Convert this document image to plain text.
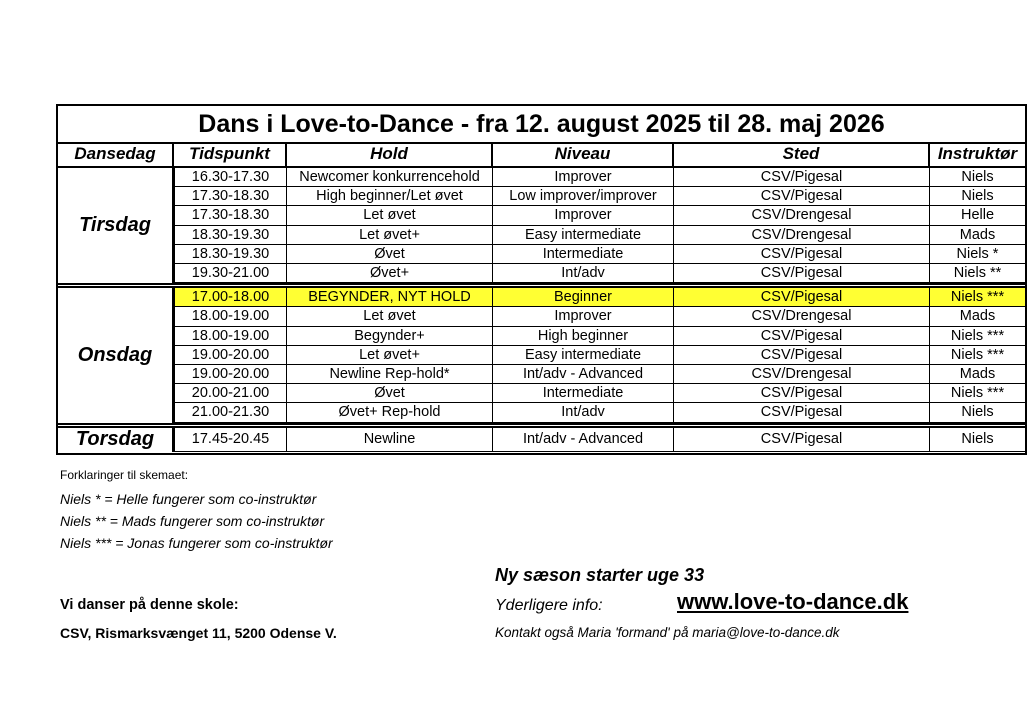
Dans i Love-to-Dance - fra 12. august 2025 til 28. maj 2026
Dansedag	Tidspunkt	Hold	Niveau	Sted	Instruktør
16.30-17.30	Newcomer konkurrencehold	Improver	CSV/Pigesal	Niels
17.30-18.30	High beginner/Let øvet	Low improver/improver	CSV/Pigesal	Niels
17.30-18.30	Let øvet	Improver	CSV/Drengesal	Helle
18.30-19.30	Let øvet+	Easy intermediate	CSV/Drengesal	Mads
18.30-19.30	Øvet	Intermediate	CSV/Pigesal	Niels *
19.30-21.00	Øvet+	Int/adv	CSV/Pigesal	Niels **
Tirsdag
17.00-18.00	BEGYNDER, NYT HOLD	Beginner	CSV/Pigesal	Niels ***
18.00-19.00	Let øvet	Improver	CSV/Drengesal	Mads
18.00-19.00	Begynder+	High beginner	CSV/Pigesal	Niels ***
19.00-20.00	Let øvet+	Easy intermediate	CSV/Pigesal	Niels ***
19.00-20.00	Newline Rep-hold*	Int/adv - Advanced	CSV/Drengesal	Mads
20.00-21.00	Øvet	Intermediate	CSV/Pigesal	Niels ***
21.00-21.30	Øvet+ Rep-hold	Int/adv	CSV/Pigesal	Niels
Onsdag
17.45-20.45	Newline	Int/adv - Advanced	CSV/Pigesal	Niels
Torsdag
Forklaringer til skemaet:
Niels * = Helle fungerer som co-instruktør
Niels ** = Mads fungerer som co-instruktør
Niels *** = Jonas fungerer som co-instruktør
Ny sæson starter uge 33
Vi danser på denne skole:	Yderligere info:	www.love-to-dance.dk
CSV, Rismarksvænget 11, 5200 Odense V.	Kontakt også Maria 'formand' på maria@love-to-dance.dk
